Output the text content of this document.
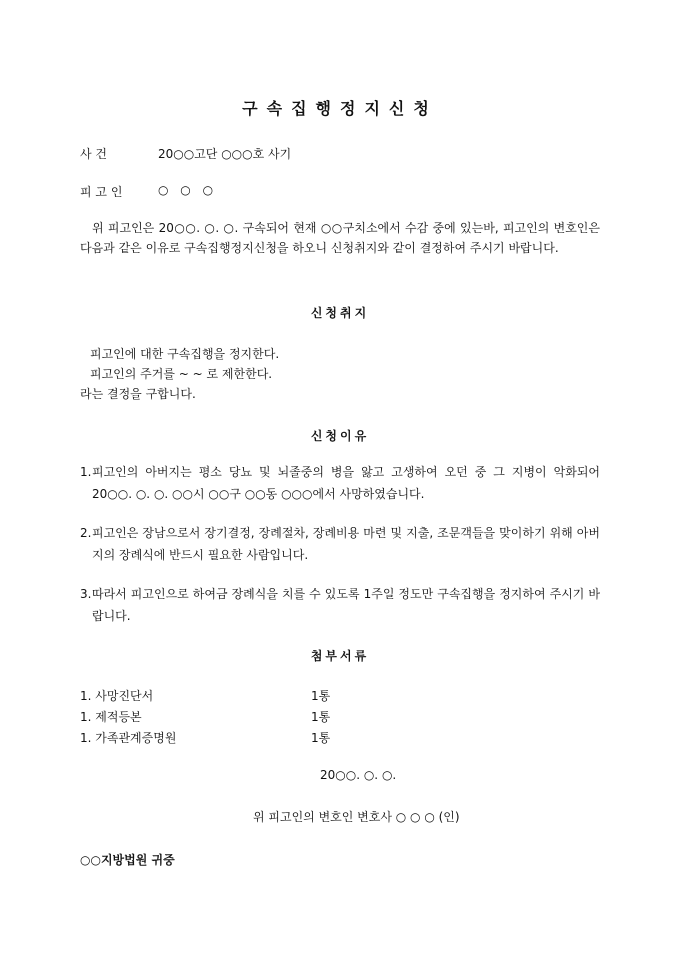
구속집행정지신청
사 건	20○○고단 ○○○호 사기
피 고 인	○ ○ ○
위 피고인은 20○○. ○. ○. 구속되어 현재 ○○구치소에서 수감 중에 있는바, 피고인의 변호인은 다음과 같은 이유로 구속집행정지신청을 하오니 신청취지와 같이 결정하여 주시기 바랍니다.
신청취지
피고인에 대한 구속집행을 정지한다.
피고인의 주거를 ~ ~ 로 제한한다.
라는 결정을 구합니다.
신청이유
1. 피고인의 아버지는 평소 당뇨 및 뇌졸중의 병을 앓고 고생하여 오던 중 그 지병이 악화되어 20○○. ○. ○. ○○시 ○○구 ○○동 ○○○에서 사망하였습니다.
2. 피고인은 장남으로서 장기결정, 장례절차, 장례비용 마련 및 지출, 조문객들을 맞이하기 위해 아버지의 장례식에 반드시 필요한 사람입니다.
3. 따라서 피고인으로 하여금 장례식을 치를 수 있도록 1주일 정도만 구속집행을 정지하여 주시기 바랍니다.
첨부서류
1. 사망진단서	1통
1. 제적등본	1통
1. 가족관계증명원	1통
20○○. ○. ○.
위 피고인의 변호인 변호사 ○ ○ ○ (인)
○○지방법원 귀중
